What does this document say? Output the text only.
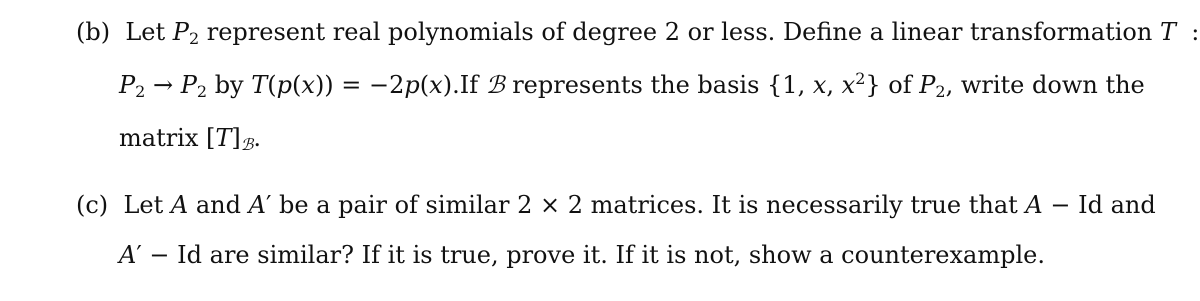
(b)  Let $P_2$ represent real polynomials of degree 2 or less. Define a linear transformation T  :
$P_2 \to P_2$ by T(p(x)) = −2p(x).If ℬ represents the basis {1, x, $x^2$} of $P_2$, write down the
matrix $[T]_ℬ$.
(c)  Let A and A′ be a pair of similar 2 × 2 matrices. It is necessarily true that A − Id and
A′ − Id are similar? If it is true, prove it. If it is not, show a counterexample.
